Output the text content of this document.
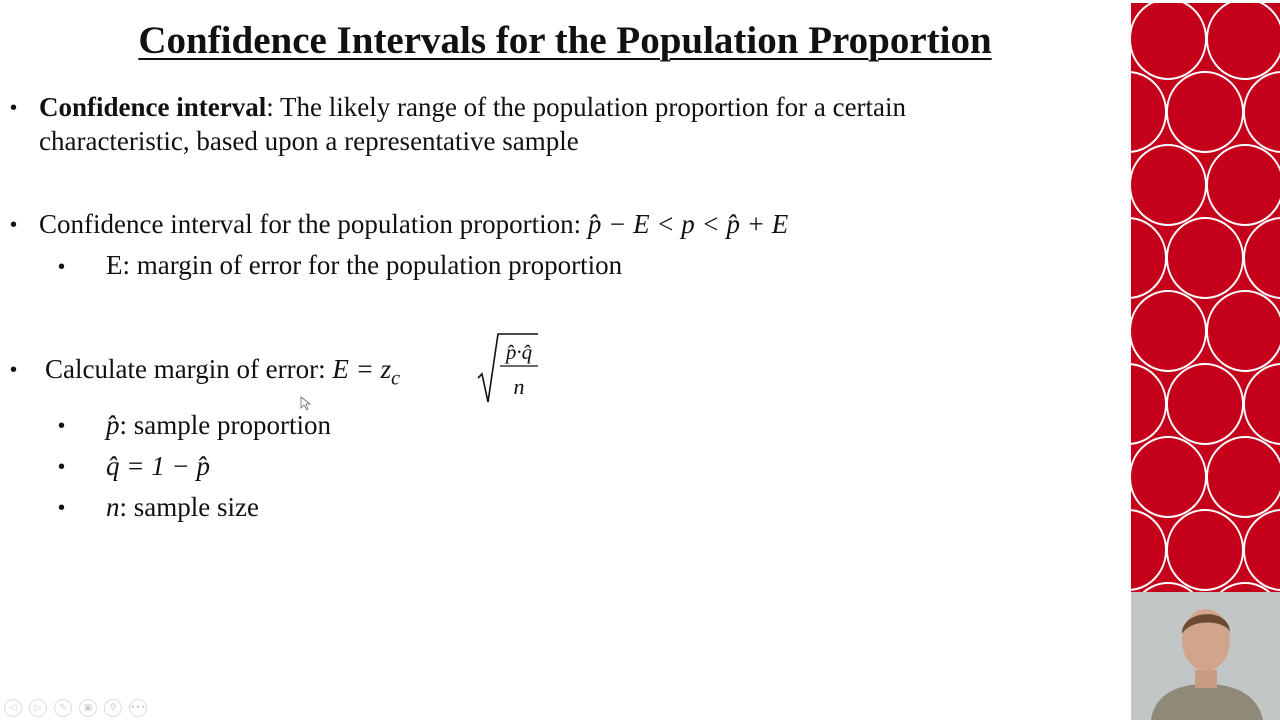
Confidence Intervals for the Population Proportion
• Confidence interval: The likely range of the population proportion for a certain
characteristic, based upon a representative sample
• Confidence interval for the population proportion: p̂ − E < p < p̂ + E
• E: margin of error for the population proportion
• Calculate margin of error: $E = z_c$
p̂·q̂
n
• p̂: sample proportion
• q̂ = 1 − p̂
• n: sample size
◁	▷	✎	▣	⚲	•••
